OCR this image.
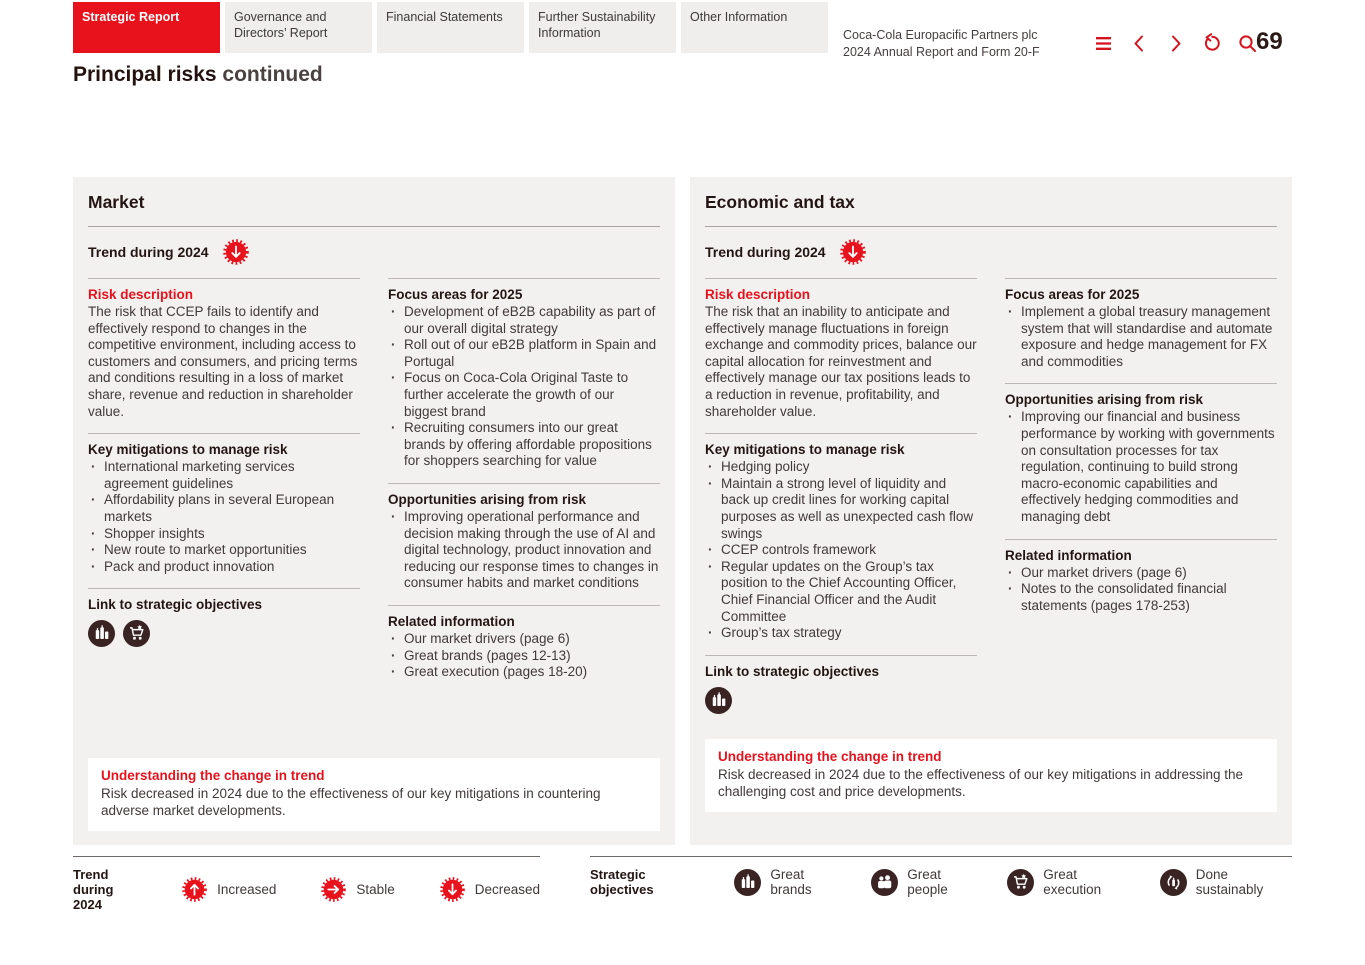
Strategic Report	Governance and Directors’ Report
Financial Statements	Further Sustainability Information
Other Information
Coca-Cola Europacific Partners plc
2024 Annual Report and Form 20-F	69
Principal risks continued
Market
Trend during 2024
Risk description

The risk that CCEP fails to identify and effectively respond to changes in the competitive environment, including access to customers and consumers, and pricing terms and conditions resulting in a loss of market share, revenue and reduction in shareholder value.

Key mitigations to manage risk
· International marketing services agreement guidelines
· Affordability plans in several European markets
· Shopper insights
· New route to market opportunities
· Pack and product innovation
Link to strategic objectives
Focus areas for 2025
· Development of eB2B capability as part of our overall digital strategy
· Roll out of our eB2B platform in Spain and Portugal
· Focus on Coca-Cola Original Taste to further accelerate the growth of our biggest brand
· Recruiting consumers into our great brands by offering affordable propositions for shoppers searching for value
Opportunities arising from risk
· Improving operational performance and decision making through the use of AI and digital technology, product innovation and reducing our response times to changes in consumer habits and market conditions
Related information
· Our market drivers (page 6)
· Great brands (pages 12-13)
· Great execution (pages 18-20)
Understanding the change in trend

Risk decreased in 2024 due to the effectiveness of our key mitigations in countering adverse market developments.

Economic and tax
Trend during 2024
Risk description

The risk that an inability to anticipate and effectively manage fluctuations in foreign exchange and commodity prices, balance our capital allocation for reinvestment and effectively manage our tax positions leads to a reduction in revenue, profitability, and shareholder value.

Key mitigations to manage risk
· Hedging policy
· Maintain a strong level of liquidity and back up credit lines for working capital purposes as well as unexpected cash flow swings
· CCEP controls framework
· Regular updates on the Group’s tax position to the Chief Accounting Officer, Chief Financial Officer and the Audit Committee
· Group’s tax strategy
Link to strategic objectives
Focus areas for 2025
· Implement a global treasury management system that will standardise and automate exposure and hedge management for FX and commodities
Opportunities arising from risk
· Improving our financial and business performance by working with governments on consultation processes for tax regulation, continuing to build strong macro-economic capabilities and effectively hedging commodities and managing debt
Related information
· Our market drivers (page 6)
· Notes to the consolidated financial statements (pages 178-253)
Understanding the change in trend

Risk decreased in 2024 due to the effectiveness of our key mitigations in addressing the challenging cost and price developments.

Trend during 2024
Increased	Stable	Decreased
Strategic objectives
Great brands
Great people
Great execution
Done sustainably
